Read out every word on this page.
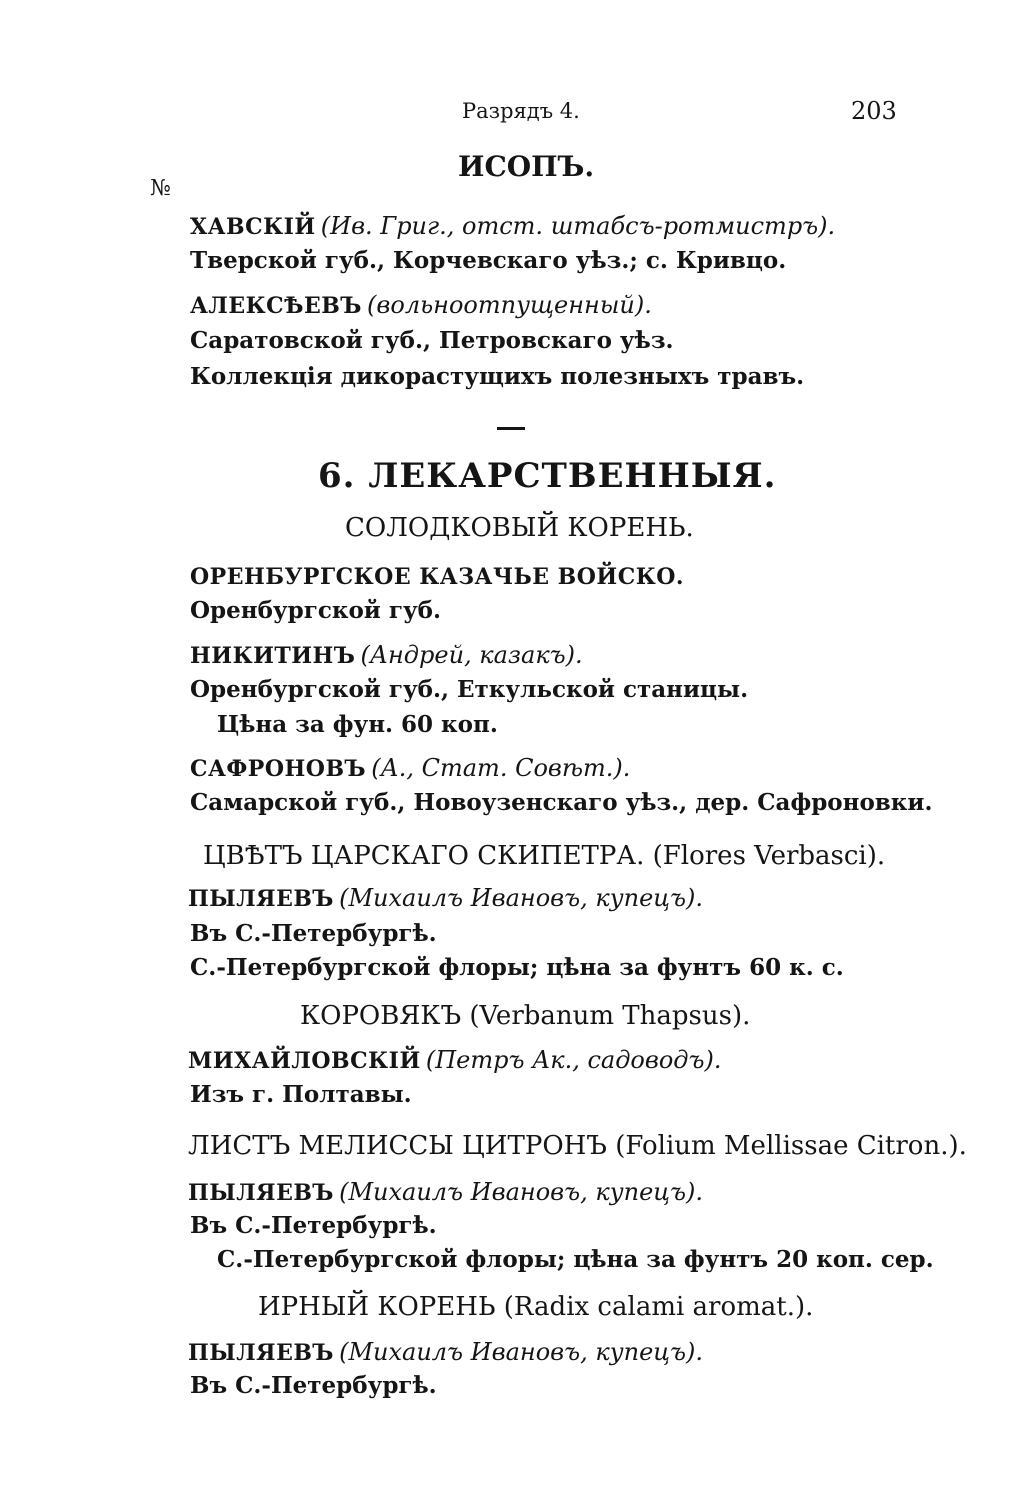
Разрядъ 4.	203
ИСОПЪ.
№
ХАВСКІЙ (Ив. Григ., отст. штабсъ-ротмистръ).
Тверской губ., Корчевскаго уѣз.; с. Кривцо.
АЛЕКСѢЕВЪ (вольноотпущенный).
Саратовской губ., Петровскаго уѣз.
Коллекція дикорастущихъ полезныхъ травъ.
6. ЛЕКАРСТВЕННЫЯ.
СОЛОДКОВЫЙ КОРЕНЬ.
ОРЕНБУРГСКОЕ КАЗАЧЬЕ ВОЙСКО.
Оренбургской губ.
НИКИТИНЪ (Андрей, казакъ).
Оренбургской губ., Еткульской станицы.
Цѣна за фун. 60 коп.
САФРОНОВЪ (А., Стат. Совѣт.).
Самарской губ., Новоузенскаго уѣз., дер. Сафроновки.
ЦВѢТЪ ЦАРСКАГО СКИПЕТРА. (Flores Verbasci).
ПЫЛЯЕВЪ (Михаилъ Ивановъ, купецъ).
Въ С.-Петербургѣ.
С.-Петербургской флоры; цѣна за фунтъ 60 к. с.
КОРОВЯКЪ (Verbanum Thapsus).
МИХАЙЛОВСКІЙ (Петръ Ак., садоводъ).
Изъ г. Полтавы.
ЛИСТЪ МЕЛИССЫ ЦИТРОНЪ (Folium Mellissae Citron.).
ПЫЛЯЕВЪ (Михаилъ Ивановъ, купецъ).
Въ С.-Петербургѣ.
С.-Петербургской флоры; цѣна за фунтъ 20 коп. сер.
ИРНЫЙ КОРЕНЬ (Radix calami aromat.).
ПЫЛЯЕВЪ (Михаилъ Ивановъ, купецъ).
Въ С.-Петербургѣ.
